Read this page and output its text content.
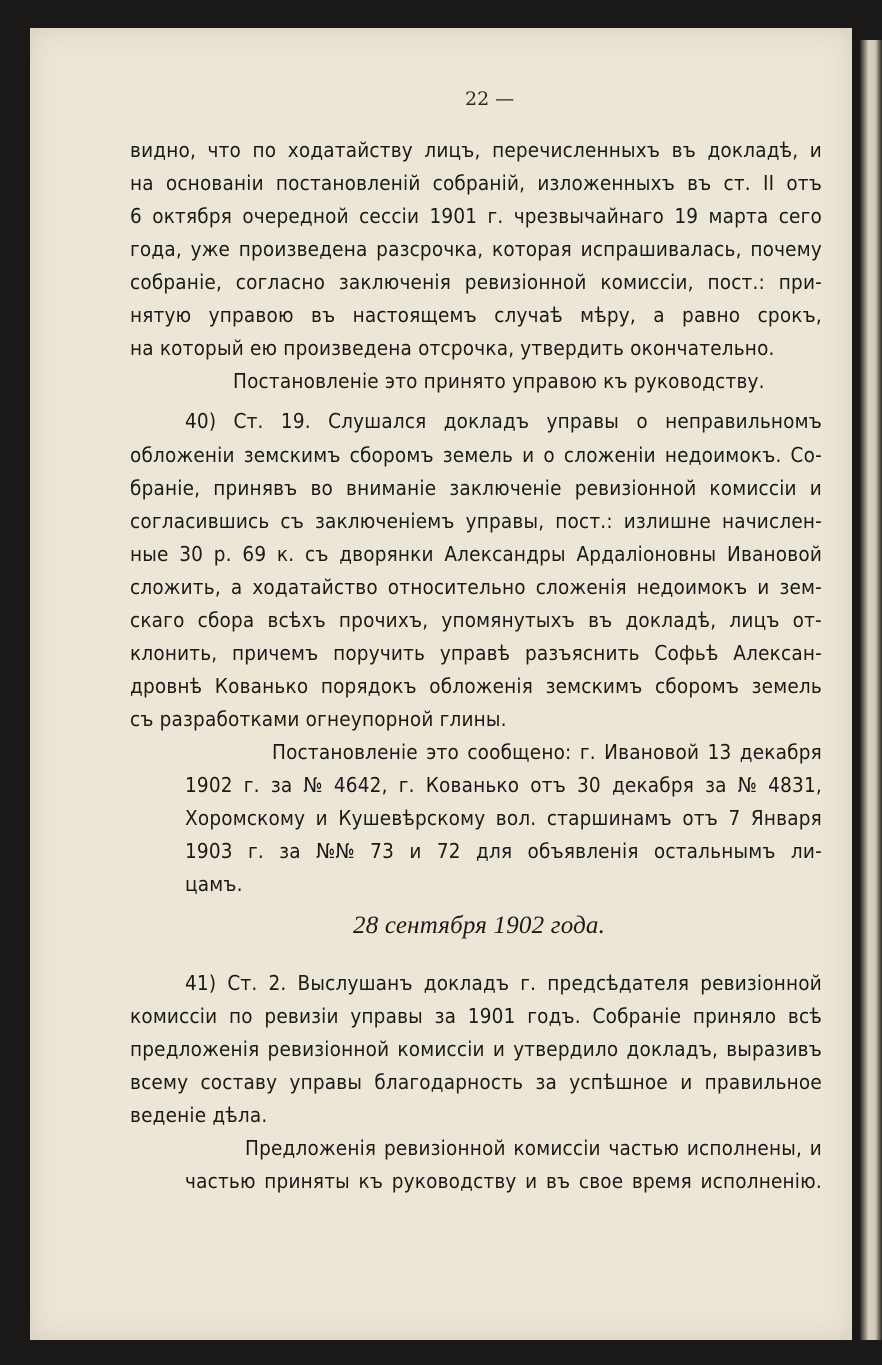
22 —
видно, что по ходатайству лицъ, перечисленныхъ въ докладѣ, и
на основаніи постановленій собраній, изложенныхъ въ ст. II отъ
6 октября очередной сессіи 1901 г. чрезвычайнаго 19 марта сего
года, уже произведена разсрочка, которая испрашивалась, почему
собраніе, согласно заключенія ревизіонной комиссіи, пост.: при-
нятую управою въ настоящемъ случаѣ мѣру, а равно срокъ,
на который ею произведена отсрочка, утвердить окончательно.
Постановленіе это принято управою къ руководству.
40) Ст. 19. Слушался докладъ управы о неправильномъ
обложеніи земскимъ сборомъ земель и о сложеніи недоимокъ. Со-
браніе, принявъ во вниманіе заключеніе ревизіонной комиссіи и
согласившись съ заключеніемъ управы, пост.: излишне начислен-
ные 30 р. 69 к. съ дворянки Александры Ардаліоновны Ивановой
сложить, а ходатайство относительно сложенія недоимокъ и зем-
скаго сбора всѣхъ прочихъ, упомянутыхъ въ докладѣ, лицъ от-
клонить, причемъ поручить управѣ разъяснить Софьѣ Алексан-
дровнѣ Кованько порядокъ обложенія земскимъ сборомъ земель
съ разработками огнеупорной глины.
Постановленіе это сообщено: г. Ивановой 13 декабря
1902 г. за № 4642, г. Кованько отъ 30 декабря за № 4831,
Хоромскому и Кушевѣрскому вол. старшинамъ отъ 7 Января
1903 г. за №№ 73 и 72 для объявленія остальнымъ ли-
цамъ.
28 сентября 1902 года.
41) Ст. 2. Выслушанъ докладъ г. предсѣдателя ревизіонной
комиссіи по ревизіи управы за 1901 годъ. Собраніе приняло всѣ
предложенія ревизіонной комиссіи и утвердило докладъ, выразивъ
всему составу управы благодарность за успѣшное и правильное
веденіе дѣла.
Предложенія ревизіонной комиссіи частью исполнены, и
частью приняты къ руководству и въ свое время исполненію.
